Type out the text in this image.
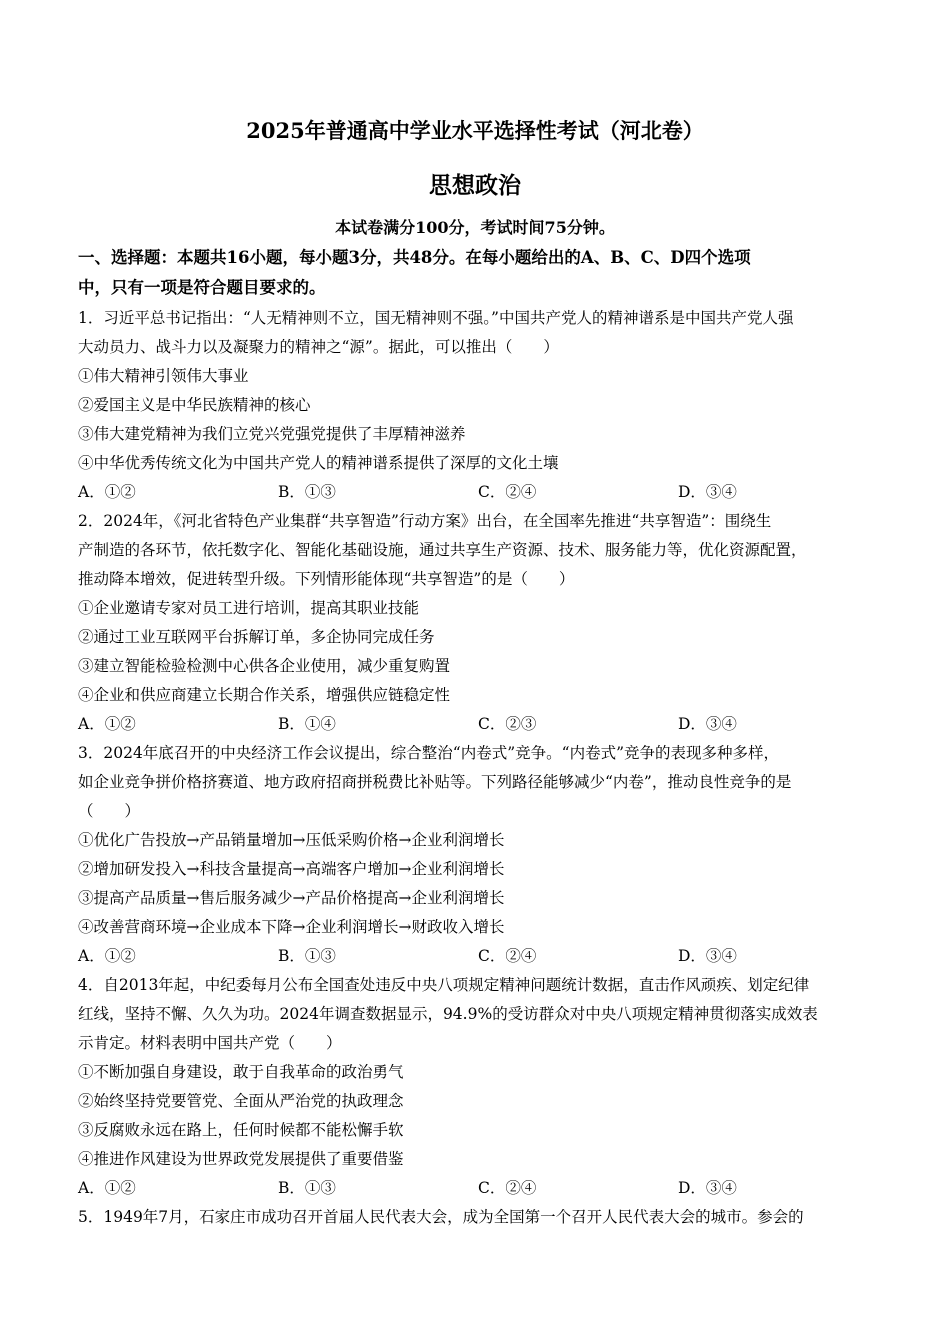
2025年普通高中学业水平选择性考试（河北卷）
思想政治
本试卷满分100分，考试时间75分钟。
一、选择题：本题共16小题，每小题3分，共48分。在每小题给出的A、B、C、D四个选项
中，只有一项是符合题目要求的。
1．习近平总书记指出：“人无精神则不立，国无精神则不强。”中国共产党人的精神谱系是中国共产党人强
大动员力、战斗力以及凝聚力的精神之“源”。据此，可以推出（　　）
①伟大精神引领伟大事业
②爱国主义是中华民族精神的核心
③伟大建党精神为我们立党兴党强党提供了丰厚精神滋养
④中华优秀传统文化为中国共产党人的精神谱系提供了深厚的文化土壤
A．①②	B．①③	C．②④	D．③④
2．2024年，《河北省特色产业集群“共享智造”行动方案》出台，在全国率先推进“共享智造”：围绕生
产制造的各环节，依托数字化、智能化基础设施，通过共享生产资源、技术、服务能力等，优化资源配置，
推动降本增效，促进转型升级。下列情形能体现“共享智造”的是（　　）
①企业邀请专家对员工进行培训，提高其职业技能
②通过工业互联网平台拆解订单，多企协同完成任务
③建立智能检验检测中心供各企业使用，减少重复购置
④企业和供应商建立长期合作关系，增强供应链稳定性
A．①②	B．①④	C．②③	D．③④
3．2024年底召开的中央经济工作会议提出，综合整治“内卷式”竞争。“内卷式”竞争的表现多种多样，
如企业竞争拼价格挤赛道、地方政府招商拼税费比补贴等。下列路径能够减少“内卷”，推动良性竞争的是
（　　）
①优化广告投放→产品销量增加→压低采购价格→企业利润增长
②增加研发投入→科技含量提高→高端客户增加→企业利润增长
③提高产品质量→售后服务减少→产品价格提高→企业利润增长
④改善营商环境→企业成本下降→企业利润增长→财政收入增长
A．①②	B．①③	C．②④	D．③④
4．自2013年起，中纪委每月公布全国查处违反中央八项规定精神问题统计数据，直击作风顽疾、划定纪律
红线，坚持不懈、久久为功。2024年调查数据显示，94.9%的受访群众对中央八项规定精神贯彻落实成效表
示肯定。材料表明中国共产党（　　）
①不断加强自身建设，敢于自我革命的政治勇气
②始终坚持党要管党、全面从严治党的执政理念
③反腐败永远在路上，任何时候都不能松懈手软
④推进作风建设为世界政党发展提供了重要借鉴
A．①②	B．①③	C．②④	D．③④
5．1949年7月，石家庄市成功召开首届人民代表大会，成为全国第一个召开人民代表大会的城市。参会的
